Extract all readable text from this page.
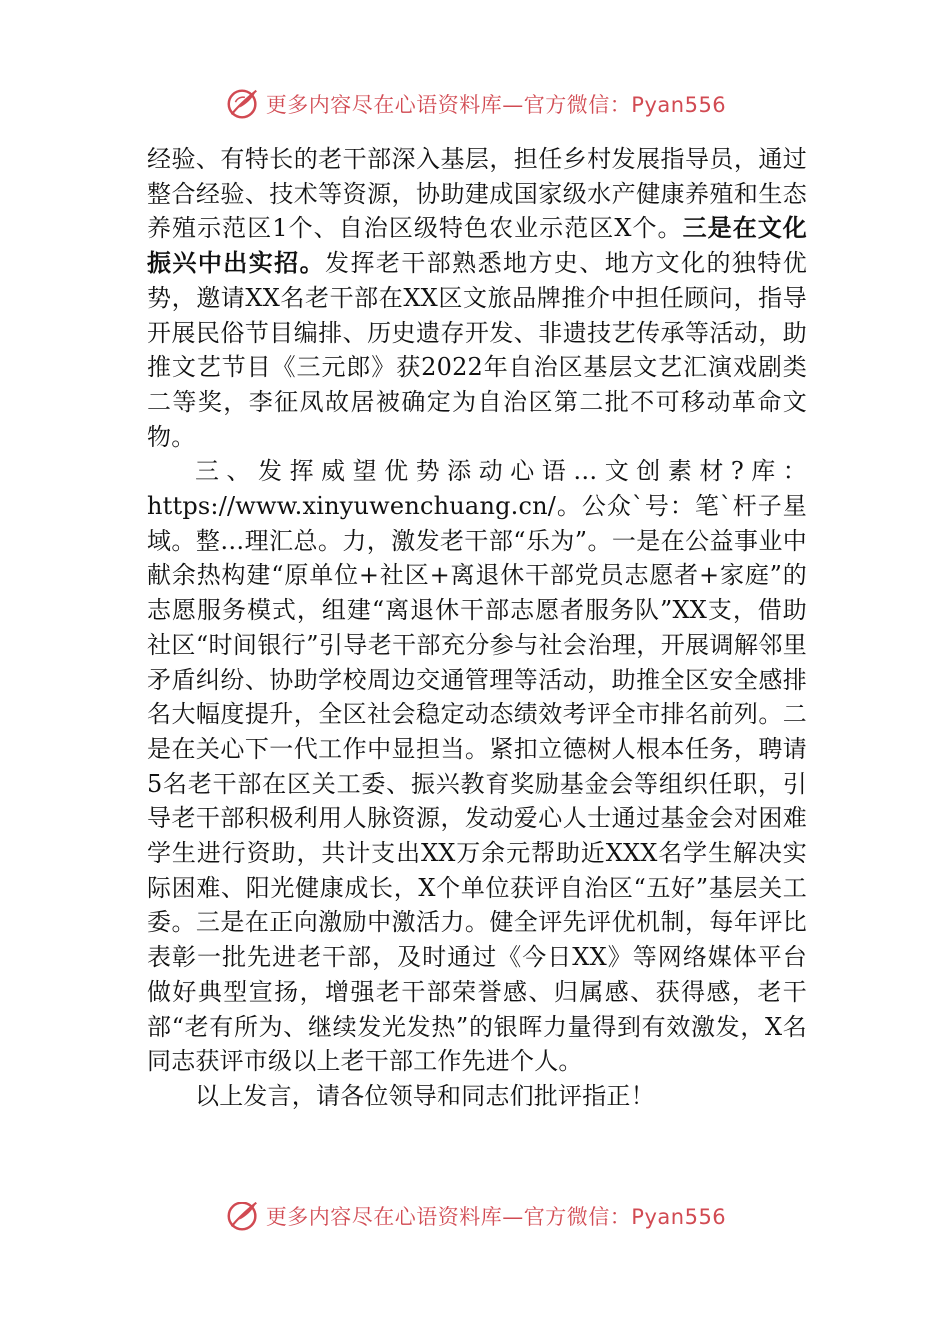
更多内容尽在心语资料库—官方微信：Pyan556

经验、有特长的老干部深入基层，担任乡村发展指导员，通过整合经验、技术等资源，协助建成国家级水产健康养殖和生态养殖示范区1个、自治区级特色农业示范区X个。三是在文化振兴中出实招。发挥老干部熟悉地方史、地方文化的独特优势，邀请XX名老干部在XX区文旅品牌推介中担任顾问，指导开展民俗节目编排、历史遗存开发、非遗技艺传承等活动，助推文艺节目《三元郎》获2022年自治区基层文艺汇演戏剧类二等奖，李征凤故居被确定为自治区第二批不可移动革命文物。

三、发挥威望优势添动心语…文创素材?库：https://www.xinyuwenchuang.cn/。公众`号：笔`杆子星域。整…理汇总。力，激发老干部“乐为”。一是在公益事业中献余热构建“原单位+社区+离退休干部党员志愿者+家庭”的志愿服务模式，组建“离退休干部志愿者服务队”XX支，借助社区“时间银行”引导老干部充分参与社会治理，开展调解邻里矛盾纠纷、协助学校周边交通管理等活动，助推全区安全感排名大幅度提升，全区社会稳定动态绩效考评全市排名前列。二是在关心下一代工作中显担当。紧扣立德树人根本任务，聘请5名老干部在区关工委、振兴教育奖励基金会等组织任职，引导老干部积极利用人脉资源，发动爱心人士通过基金会对困难学生进行资助，共计支出XX万余元帮助近XXX名学生解决实际困难、阳光健康成长，X个单位获评自治区“五好”基层关工委。三是在正向激励中激活力。健全评先评优机制，每年评比表彰一批先进老干部，及时通过《今日XX》等网络媒体平台做好典型宣扬，增强老干部荣誉感、归属感、获得感，老干部“老有所为、继续发光发热”的银晖力量得到有效激发，X名同志获评市级以上老干部工作先进个人。

以上发言，请各位领导和同志们批评指正！

更多内容尽在心语资料库—官方微信：Pyan556
